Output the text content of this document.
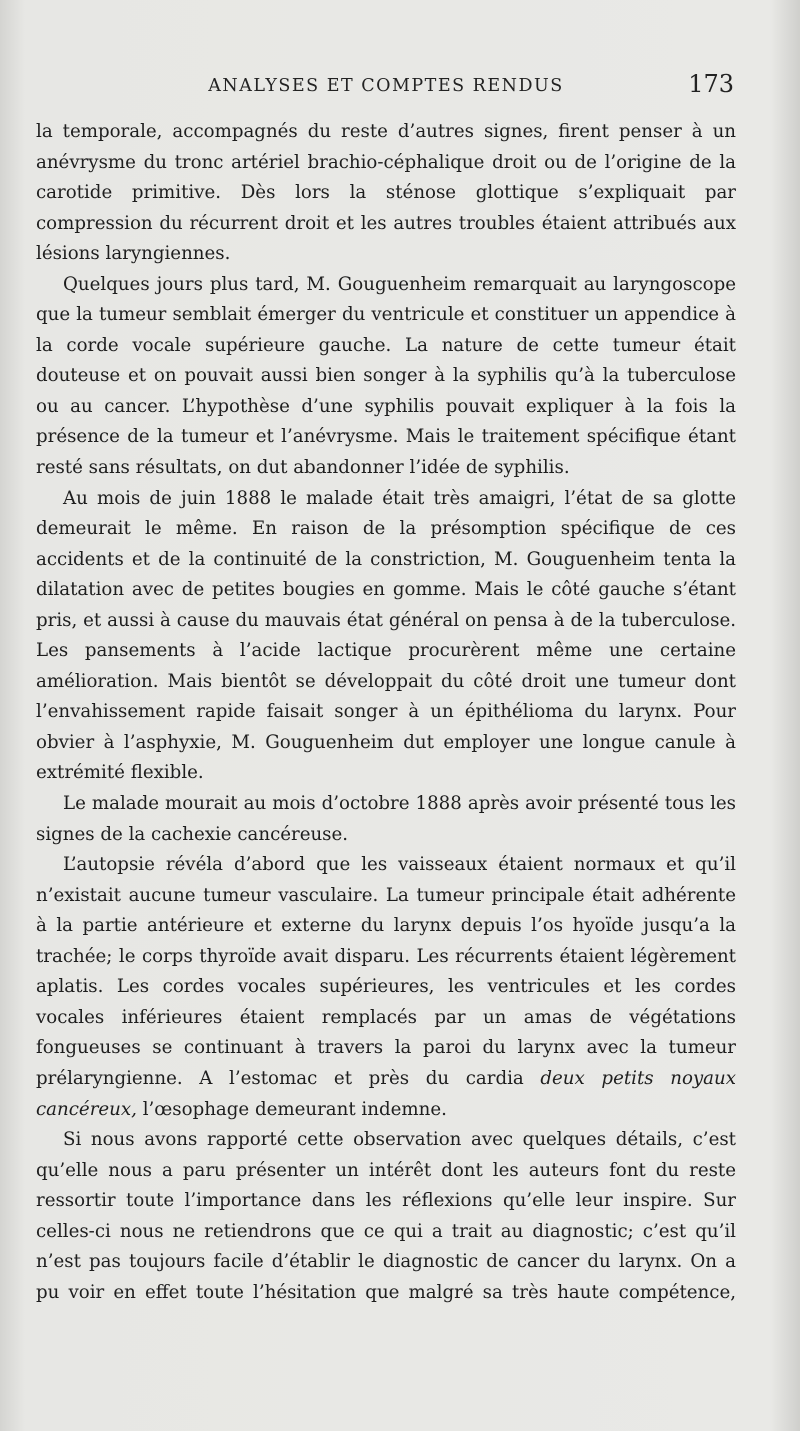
ANALYSES ET COMPTES RENDUS	173

la temporale, accompagnés du reste d’autres signes, firent penser à un anévrysme du tronc artériel brachio-céphalique droit ou de l’origine de la carotide primitive. Dès lors la sténose glottique s’expliquait par compression du récurrent droit et les autres troubles étaient attribués aux lésions laryngiennes.

Quelques jours plus tard, M. Gouguenheim remarquait au laryngoscope que la tumeur semblait émerger du ventricule et constituer un appendice à la corde vocale supérieure gauche. La nature de cette tumeur était douteuse et on pouvait aussi bien songer à la syphilis qu’à la tuberculose ou au cancer. L’hypothèse d’une syphilis pouvait expliquer à la fois la présence de la tumeur et l’anévrysme. Mais le traitement spécifique étant resté sans résultats, on dut abandonner l’idée de syphilis.

Au mois de juin 1888 le malade était très amaigri, l’état de sa glotte demeurait le même. En raison de la présomption spécifique de ces accidents et de la continuité de la constriction, M. Gouguenheim tenta la dilatation avec de petites bougies en gomme. Mais le côté gauche s’étant pris, et aussi à cause du mauvais état général on pensa à de la tuberculose. Les pansements à l’acide lactique procurèrent même une certaine amélioration. Mais bientôt se développait du côté droit une tumeur dont l’envahissement rapide faisait songer à un épithélioma du larynx. Pour obvier à l’asphyxie, M. Gouguenheim dut employer une longue canule à extrémité flexible.

Le malade mourait au mois d’octobre 1888 après avoir présenté tous les signes de la cachexie cancéreuse.

L’autopsie révéla d’abord que les vaisseaux étaient normaux et qu’il n’existait aucune tumeur vasculaire. La tumeur principale était adhérente à la partie antérieure et externe du larynx depuis l’os hyoïde jusqu’a la trachée; le corps thyroïde avait disparu. Les récurrents étaient légèrement aplatis. Les cordes vocales supérieures, les ventricules et les cordes vocales inférieures étaient remplacés par un amas de végétations fongueuses se continuant à travers la paroi du larynx avec la tumeur prélaryngienne. A l’estomac et près du cardia deux petits noyaux cancéreux, l’œsophage demeurant indemne.

Si nous avons rapporté cette observation avec quelques détails, c’est qu’elle nous a paru présenter un intérêt dont les auteurs font du reste ressortir toute l’importance dans les réflexions qu’elle leur inspire. Sur celles-ci nous ne retiendrons que ce qui a trait au diagnostic; c’est qu’il n’est pas toujours facile d’établir le diagnostic de cancer du larynx. On a pu voir en effet toute l’hésitation que malgré sa très haute compétence,
